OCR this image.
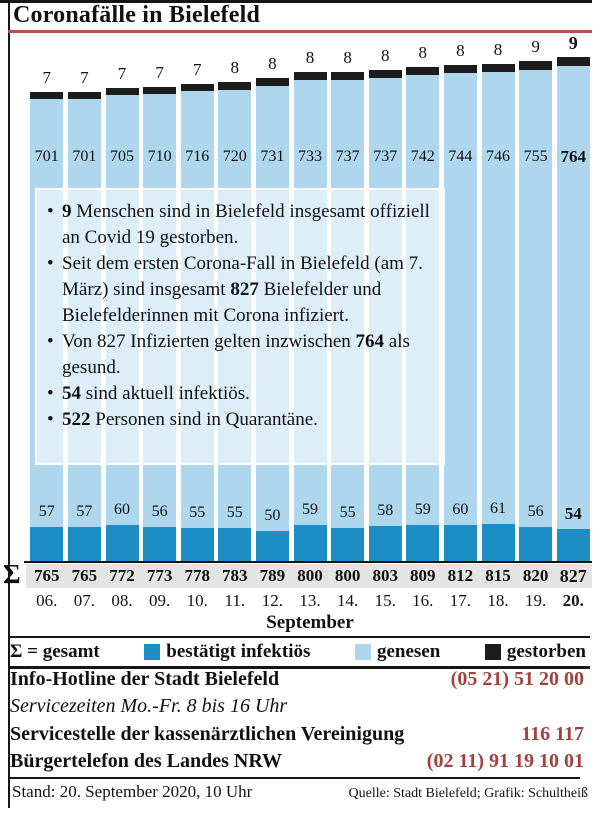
Coronafälle in Bielefeld
7
701
57
765
06.
7
701
57
765
07.
7
705
60
772
08.
7
710
56
773
09.
7
716
55
778
10.
8
720
55
783
11.
8
731
50
789
12.
8
733
59
800
13.
8
737
55
800
14.
8
737
58
803
15.
8
742
59
809
16.
8
744
60
812
17.
8
746
61
815
18.
9
755
56
820
19.
9
764
54
827
20.
Σ
• 9 Menschen sind in Bielefeld insgesamt offiziell an Covid 19 gestorben.
• Seit dem ersten Corona-Fall in Bielefeld (am 7. März) sind insgesamt 827 Bielefelder und Bielefelderinnen mit Corona infiziert.
• Von 827 Infizierten gelten inzwischen 764 als gesund.
• 54 sind aktuell infektiös.
• 522 Personen sind in Quarantäne.
September
Σ = gesamt	bestätigt infektiös	genesen	gestorben
Info-Hotline der Stadt Bielefeld	(05 21) 51 20 00
Servicezeiten Mo.-Fr. 8 bis 16 Uhr
Servicestelle der kassenärztlichen Vereinigung	116 117
Bürgertelefon des Landes NRW	(02 11) 91 19 10 01
Stand: 20. September 2020, 10 Uhr	Quelle: Stadt Bielefeld; Grafik: Schultheiß
